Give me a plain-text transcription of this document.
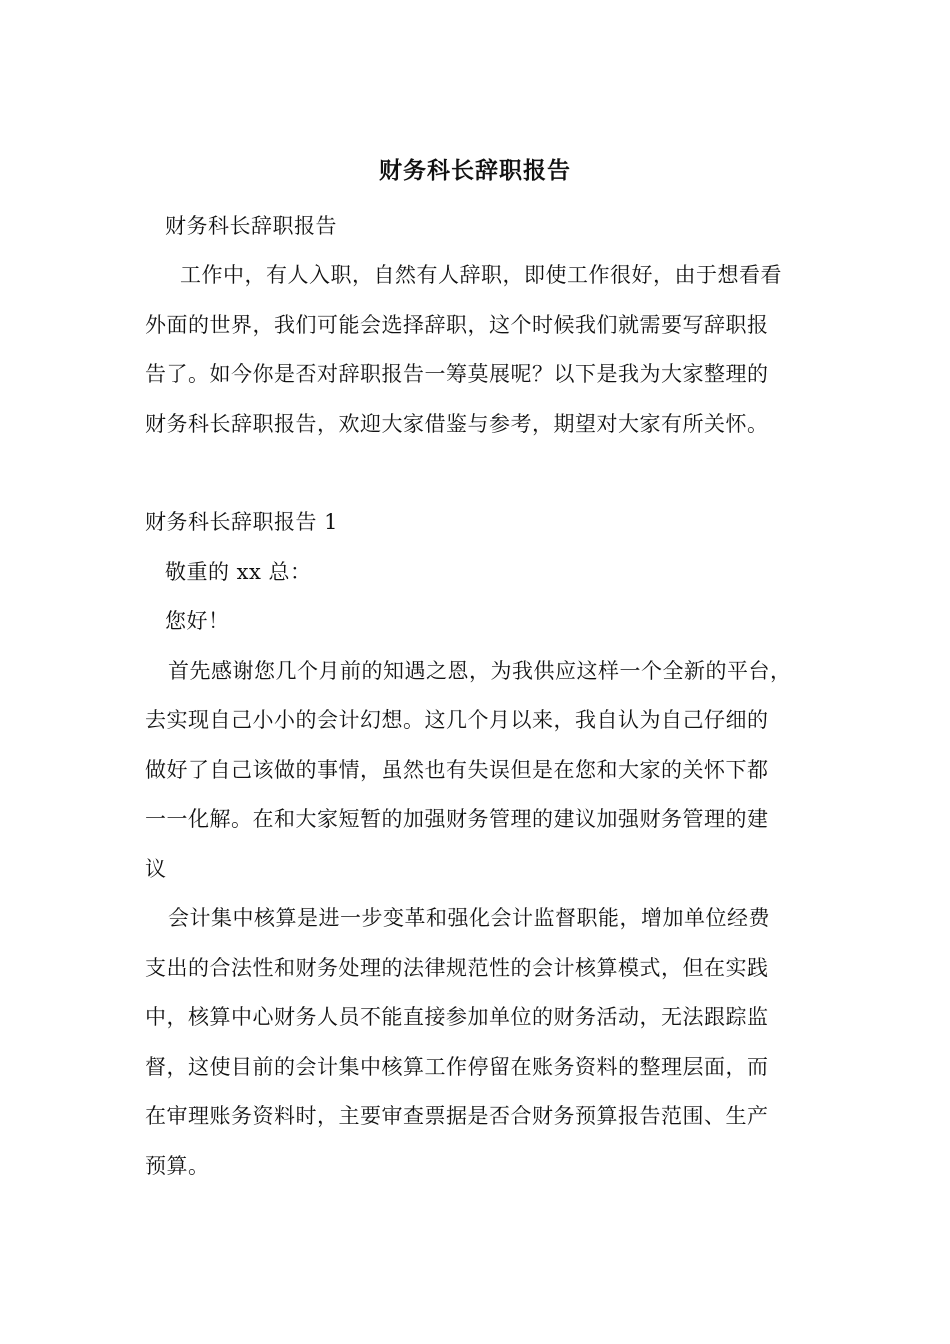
财务科长辞职报告
财务科长辞职报告
工作中，有人入职，自然有人辞职，即使工作很好，由于想看看
外面的世界，我们可能会选择辞职，这个时候我们就需要写辞职报
告了。如今你是否对辞职报告一筹莫展呢？以下是我为大家整理的
财务科长辞职报告，欢迎大家借鉴与参考，期望对大家有所关怀。
财务科长辞职报告 1
敬重的 xx 总：
您好！
首先感谢您几个月前的知遇之恩，为我供应这样一个全新的平台，
去实现自己小小的会计幻想。这几个月以来，我自认为自己仔细的
做好了自己该做的事情，虽然也有失误但是在您和大家的关怀下都
一一化解。在和大家短暂的加强财务管理的建议加强财务管理的建
议
会计集中核算是进一步变革和强化会计监督职能，增加单位经费
支出的合法性和财务处理的法律规范性的会计核算模式，但在实践
中，核算中心财务人员不能直接参加单位的财务活动，无法跟踪监
督，这使目前的会计集中核算工作停留在账务资料的整理层面，而
在审理账务资料时，主要审查票据是否合财务预算报告范围、生产
预算。
